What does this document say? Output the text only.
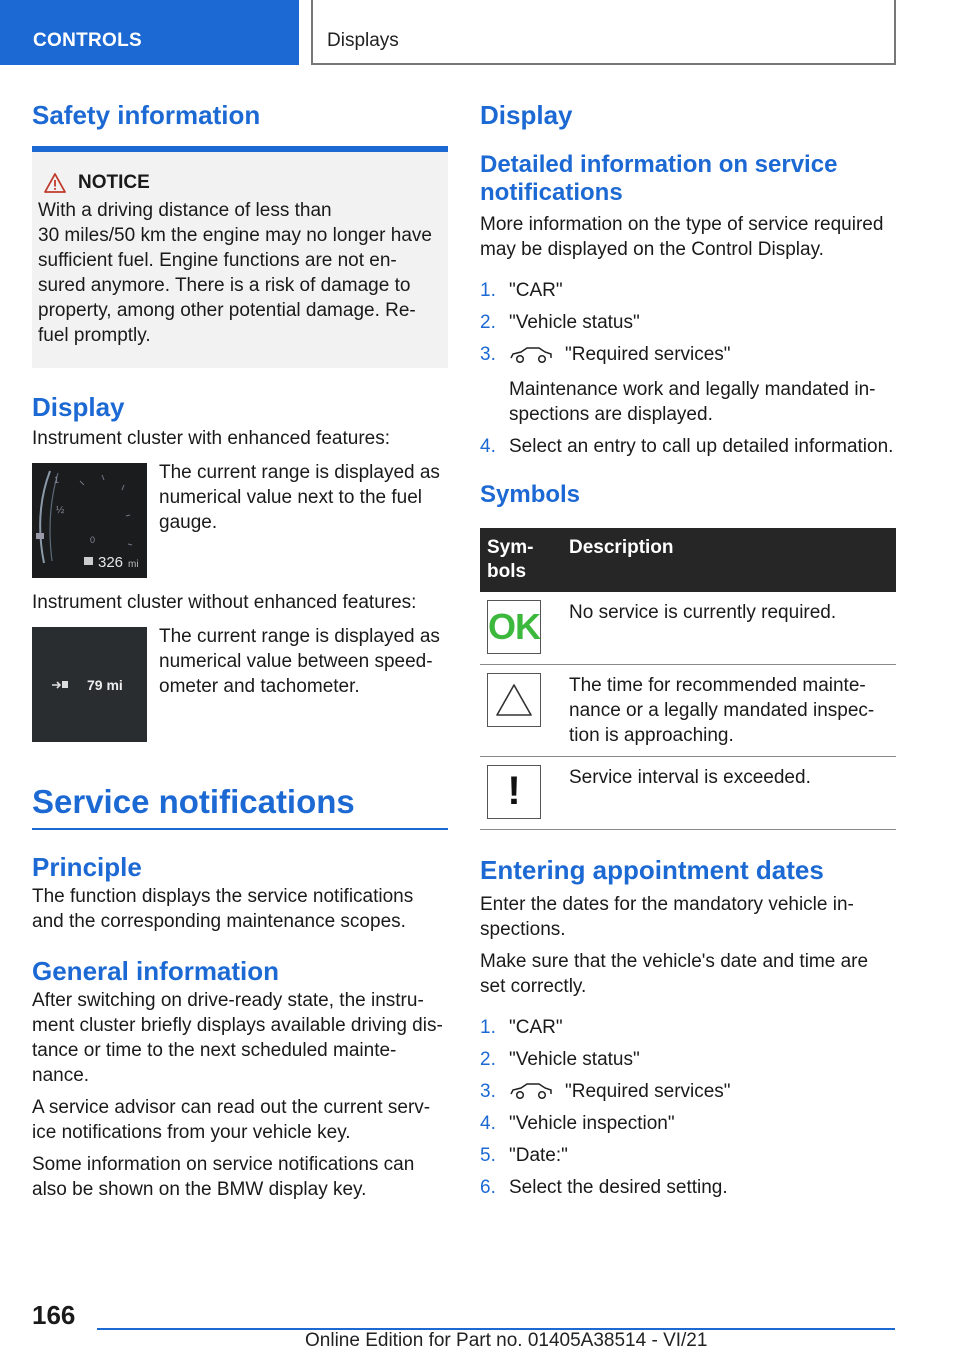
CONTROLS	Displays
Safety information
NOTICE
With a driving distance of less than
30 miles/50 km the engine may no longer have
sufficient fuel. Engine functions are not en-
sured anymore. There is a risk of damage to
property, among other potential damage. Re-
fuel promptly.
Display
Instrument cluster with enhanced features:
1
½
0
326 mi
The current range is displayed as numerical value next to the fuel gauge.
Instrument cluster without enhanced features:
79 mi
The current range is displayed as numerical value between speed-ometer and tachometer.
Service notifications
Principle
The function displays the service notifications and the corresponding maintenance scopes.
General information
After switching on drive-ready state, the instru-ment cluster briefly displays available driving dis-tance or time to the next scheduled mainte-nance.
A service advisor can read out the current serv-ice notifications from your vehicle key.
Some information on service notifications can also be shown on the BMW display key.
Display
Detailed information on service notifications
More information on the type of service required may be displayed on the Control Display.
1. "CAR"
2. "Vehicle status"
3.	"Required services"
Maintenance work and legally mandated in-spections are displayed.
4. Select an entry to call up detailed information.
Symbols
Sym-bols	Description

OK	No service is currently required.

	The time for recommended mainte-nance or a legally mandated inspec-tion is approaching.

!	Service interval is exceeded.
Entering appointment dates
Enter the dates for the mandatory vehicle in-spections.
Make sure that the vehicle's date and time are set correctly.
1. "CAR"
2. "Vehicle status"
3.	"Required services"
4. "Vehicle inspection"
5. "Date:"
6. Select the desired setting.
166
Online Edition for Part no. 01405A38514 - VI/21
